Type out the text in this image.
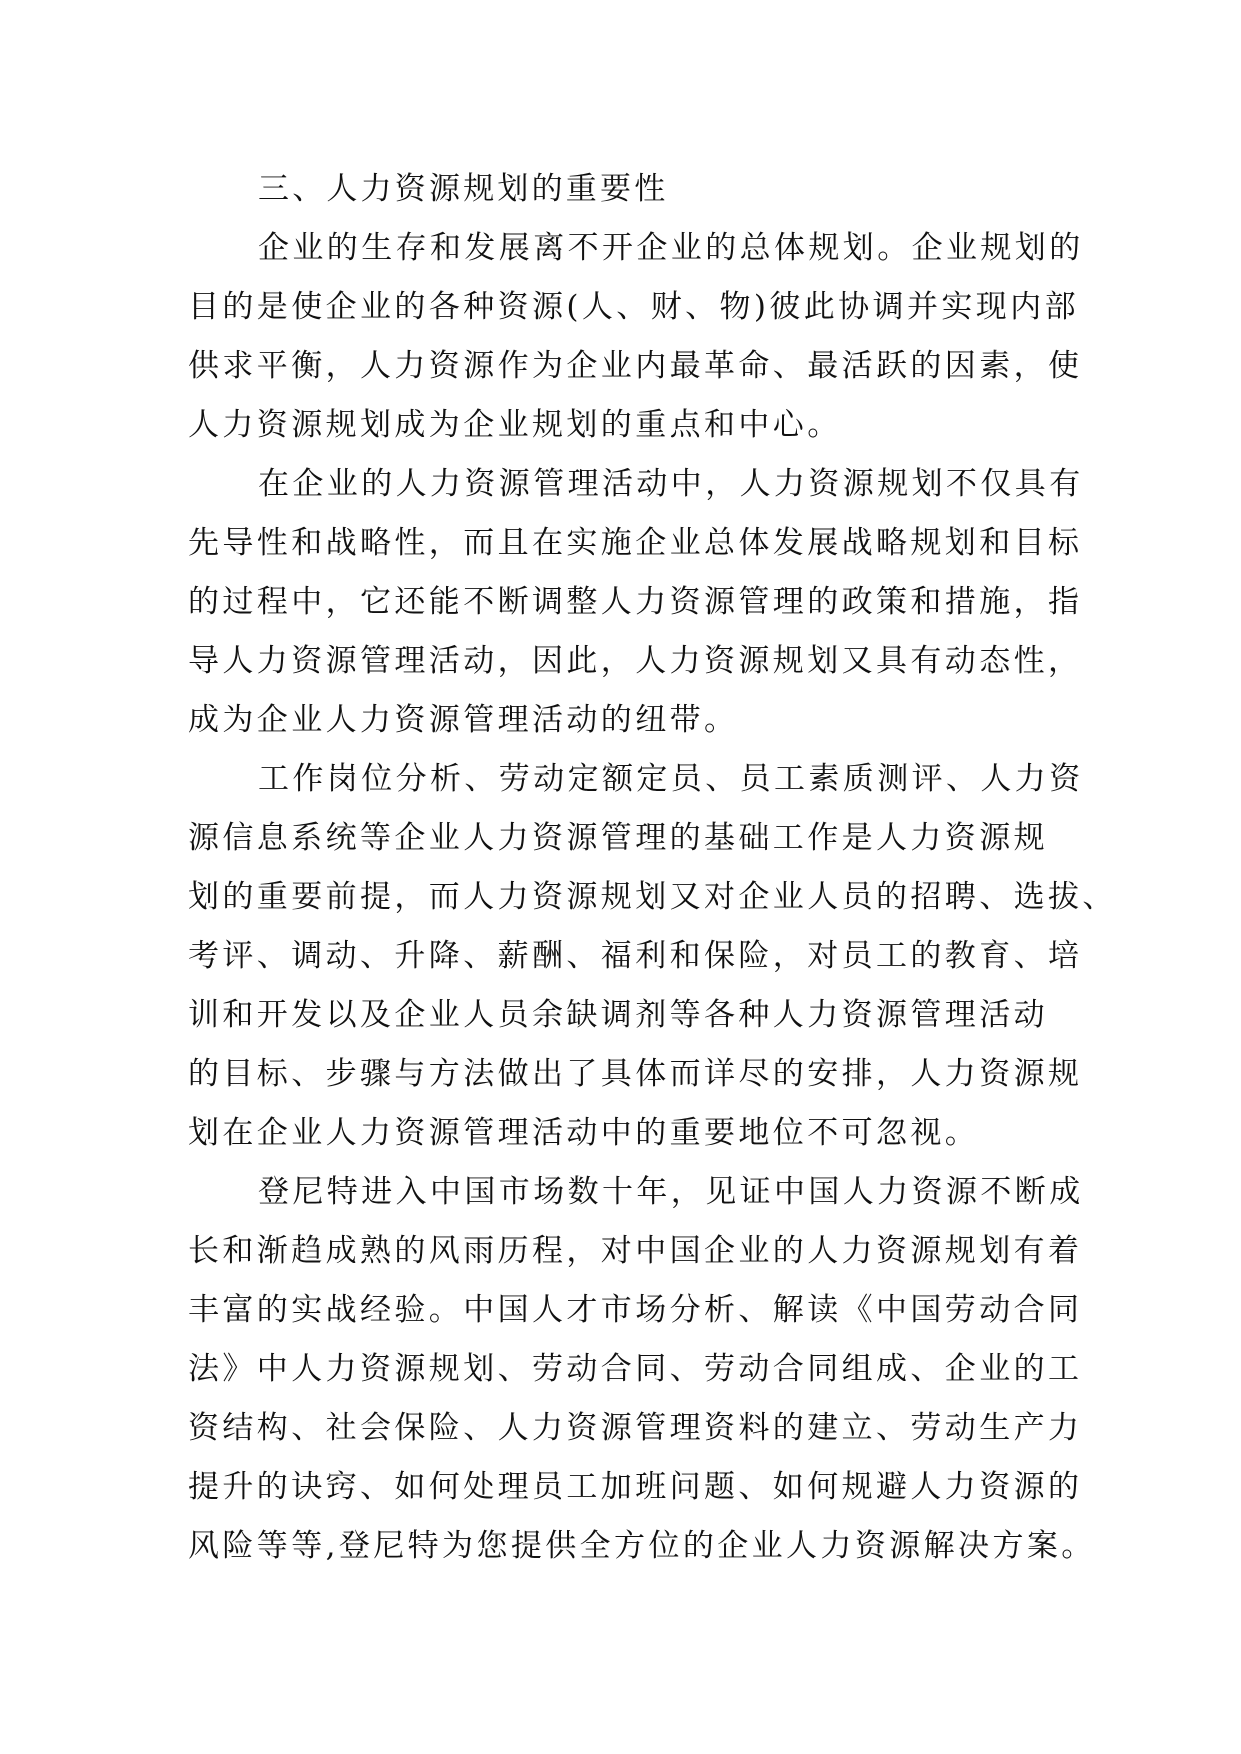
三、人力资源规划的重要性
企业的生存和发展离不开企业的总体规划。企业规划的
目的是使企业的各种资源(人、财、物)彼此协调并实现内部
供求平衡，人力资源作为企业内最革命、最活跃的因素，使
人力资源规划成为企业规划的重点和中心。
在企业的人力资源管理活动中，人力资源规划不仅具有
先导性和战略性，而且在实施企业总体发展战略规划和目标
的过程中，它还能不断调整人力资源管理的政策和措施，指
导人力资源管理活动，因此，人力资源规划又具有动态性，
成为企业人力资源管理活动的纽带。
工作岗位分析、劳动定额定员、员工素质测评、人力资
源信息系统等企业人力资源管理的基础工作是人力资源规
划的重要前提，而人力资源规划又对企业人员的招聘、选拔、
考评、调动、升降、薪酬、福利和保险，对员工的教育、培
训和开发以及企业人员余缺调剂等各种人力资源管理活动
的目标、步骤与方法做出了具体而详尽的安排，人力资源规
划在企业人力资源管理活动中的重要地位不可忽视。
登尼特进入中国市场数十年，见证中国人力资源不断成
长和渐趋成熟的风雨历程，对中国企业的人力资源规划有着
丰富的实战经验。中国人才市场分析、解读《中国劳动合同
法》中人力资源规划、劳动合同、劳动合同组成、企业的工
资结构、社会保险、人力资源管理资料的建立、劳动生产力
提升的诀窍、如何处理员工加班问题、如何规避人力资源的
风险等等,登尼特为您提供全方位的企业人力资源解决方案。
